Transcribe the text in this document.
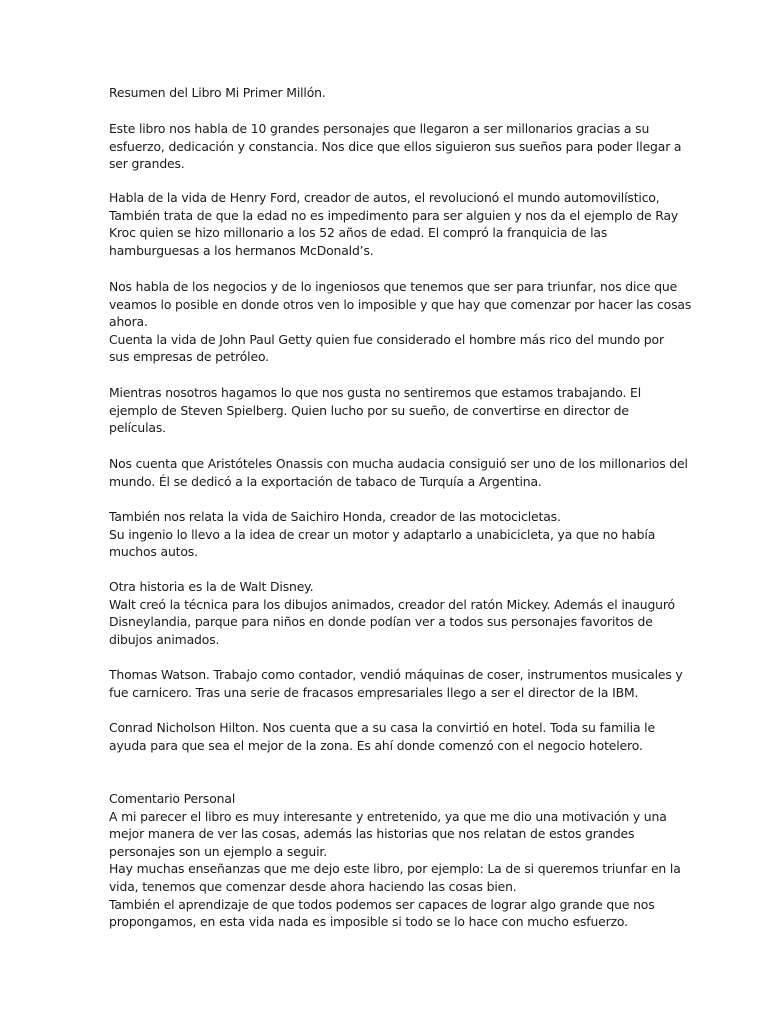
Resumen del Libro Mi Primer Millón.
Este libro nos habla de 10 grandes personajes que llegaron a ser millonarios gracias a su
esfuerzo, dedicación y constancia. Nos dice que ellos siguieron sus sueños para poder llegar a
ser grandes.
Habla de la vida de Henry Ford, creador de autos, el revolucionó el mundo automovilístico,
También trata de que la edad no es impedimento para ser alguien y nos da el ejemplo de Ray
Kroc quien se hizo millonario a los 52 años de edad. El compró la franquicia de las
hamburguesas a los hermanos McDonald’s.
Nos habla de los negocios y de lo ingeniosos que tenemos que ser para triunfar, nos dice que
veamos lo posible en donde otros ven lo imposible y que hay que comenzar por hacer las cosas
ahora.
Cuenta la vida de John Paul Getty quien fue considerado el hombre más rico del mundo por
sus empresas de petróleo.
Mientras nosotros hagamos lo que nos gusta no sentiremos que estamos trabajando. El
ejemplo de Steven Spielberg. Quien lucho por su sueño, de convertirse en director de
películas.
Nos cuenta que Aristóteles Onassis con mucha audacia consiguió ser uno de los millonarios del
mundo. Él se dedicó a la exportación de tabaco de Turquía a Argentina.
También nos relata la vida de Saichiro Honda, creador de las motocicletas.
Su ingenio lo llevo a la idea de crear un motor y adaptarlo a unabicicleta, ya que no había
muchos autos.
Otra historia es la de Walt Disney.
Walt creó la técnica para los dibujos animados, creador del ratón Mickey. Además el inauguró
Disneylandia, parque para niños en donde podían ver a todos sus personajes favoritos de
dibujos animados.
Thomas Watson. Trabajo como contador, vendió máquinas de coser, instrumentos musicales y
fue carnicero. Tras una serie de fracasos empresariales llego a ser el director de la IBM.
Conrad Nicholson Hilton. Nos cuenta que a su casa la convirtió en hotel. Toda su familia le
ayuda para que sea el mejor de la zona. Es ahí donde comenzó con el negocio hotelero.
Comentario Personal
A mi parecer el libro es muy interesante y entretenido, ya que me dio una motivación y una
mejor manera de ver las cosas, además las historias que nos relatan de estos grandes
personajes son un ejemplo a seguir.
Hay muchas enseñanzas que me dejo este libro, por ejemplo: La de si queremos triunfar en la
vida, tenemos que comenzar desde ahora haciendo las cosas bien.
También el aprendizaje de que todos podemos ser capaces de lograr algo grande que nos
propongamos, en esta vida nada es imposible si todo se lo hace con mucho esfuerzo.
